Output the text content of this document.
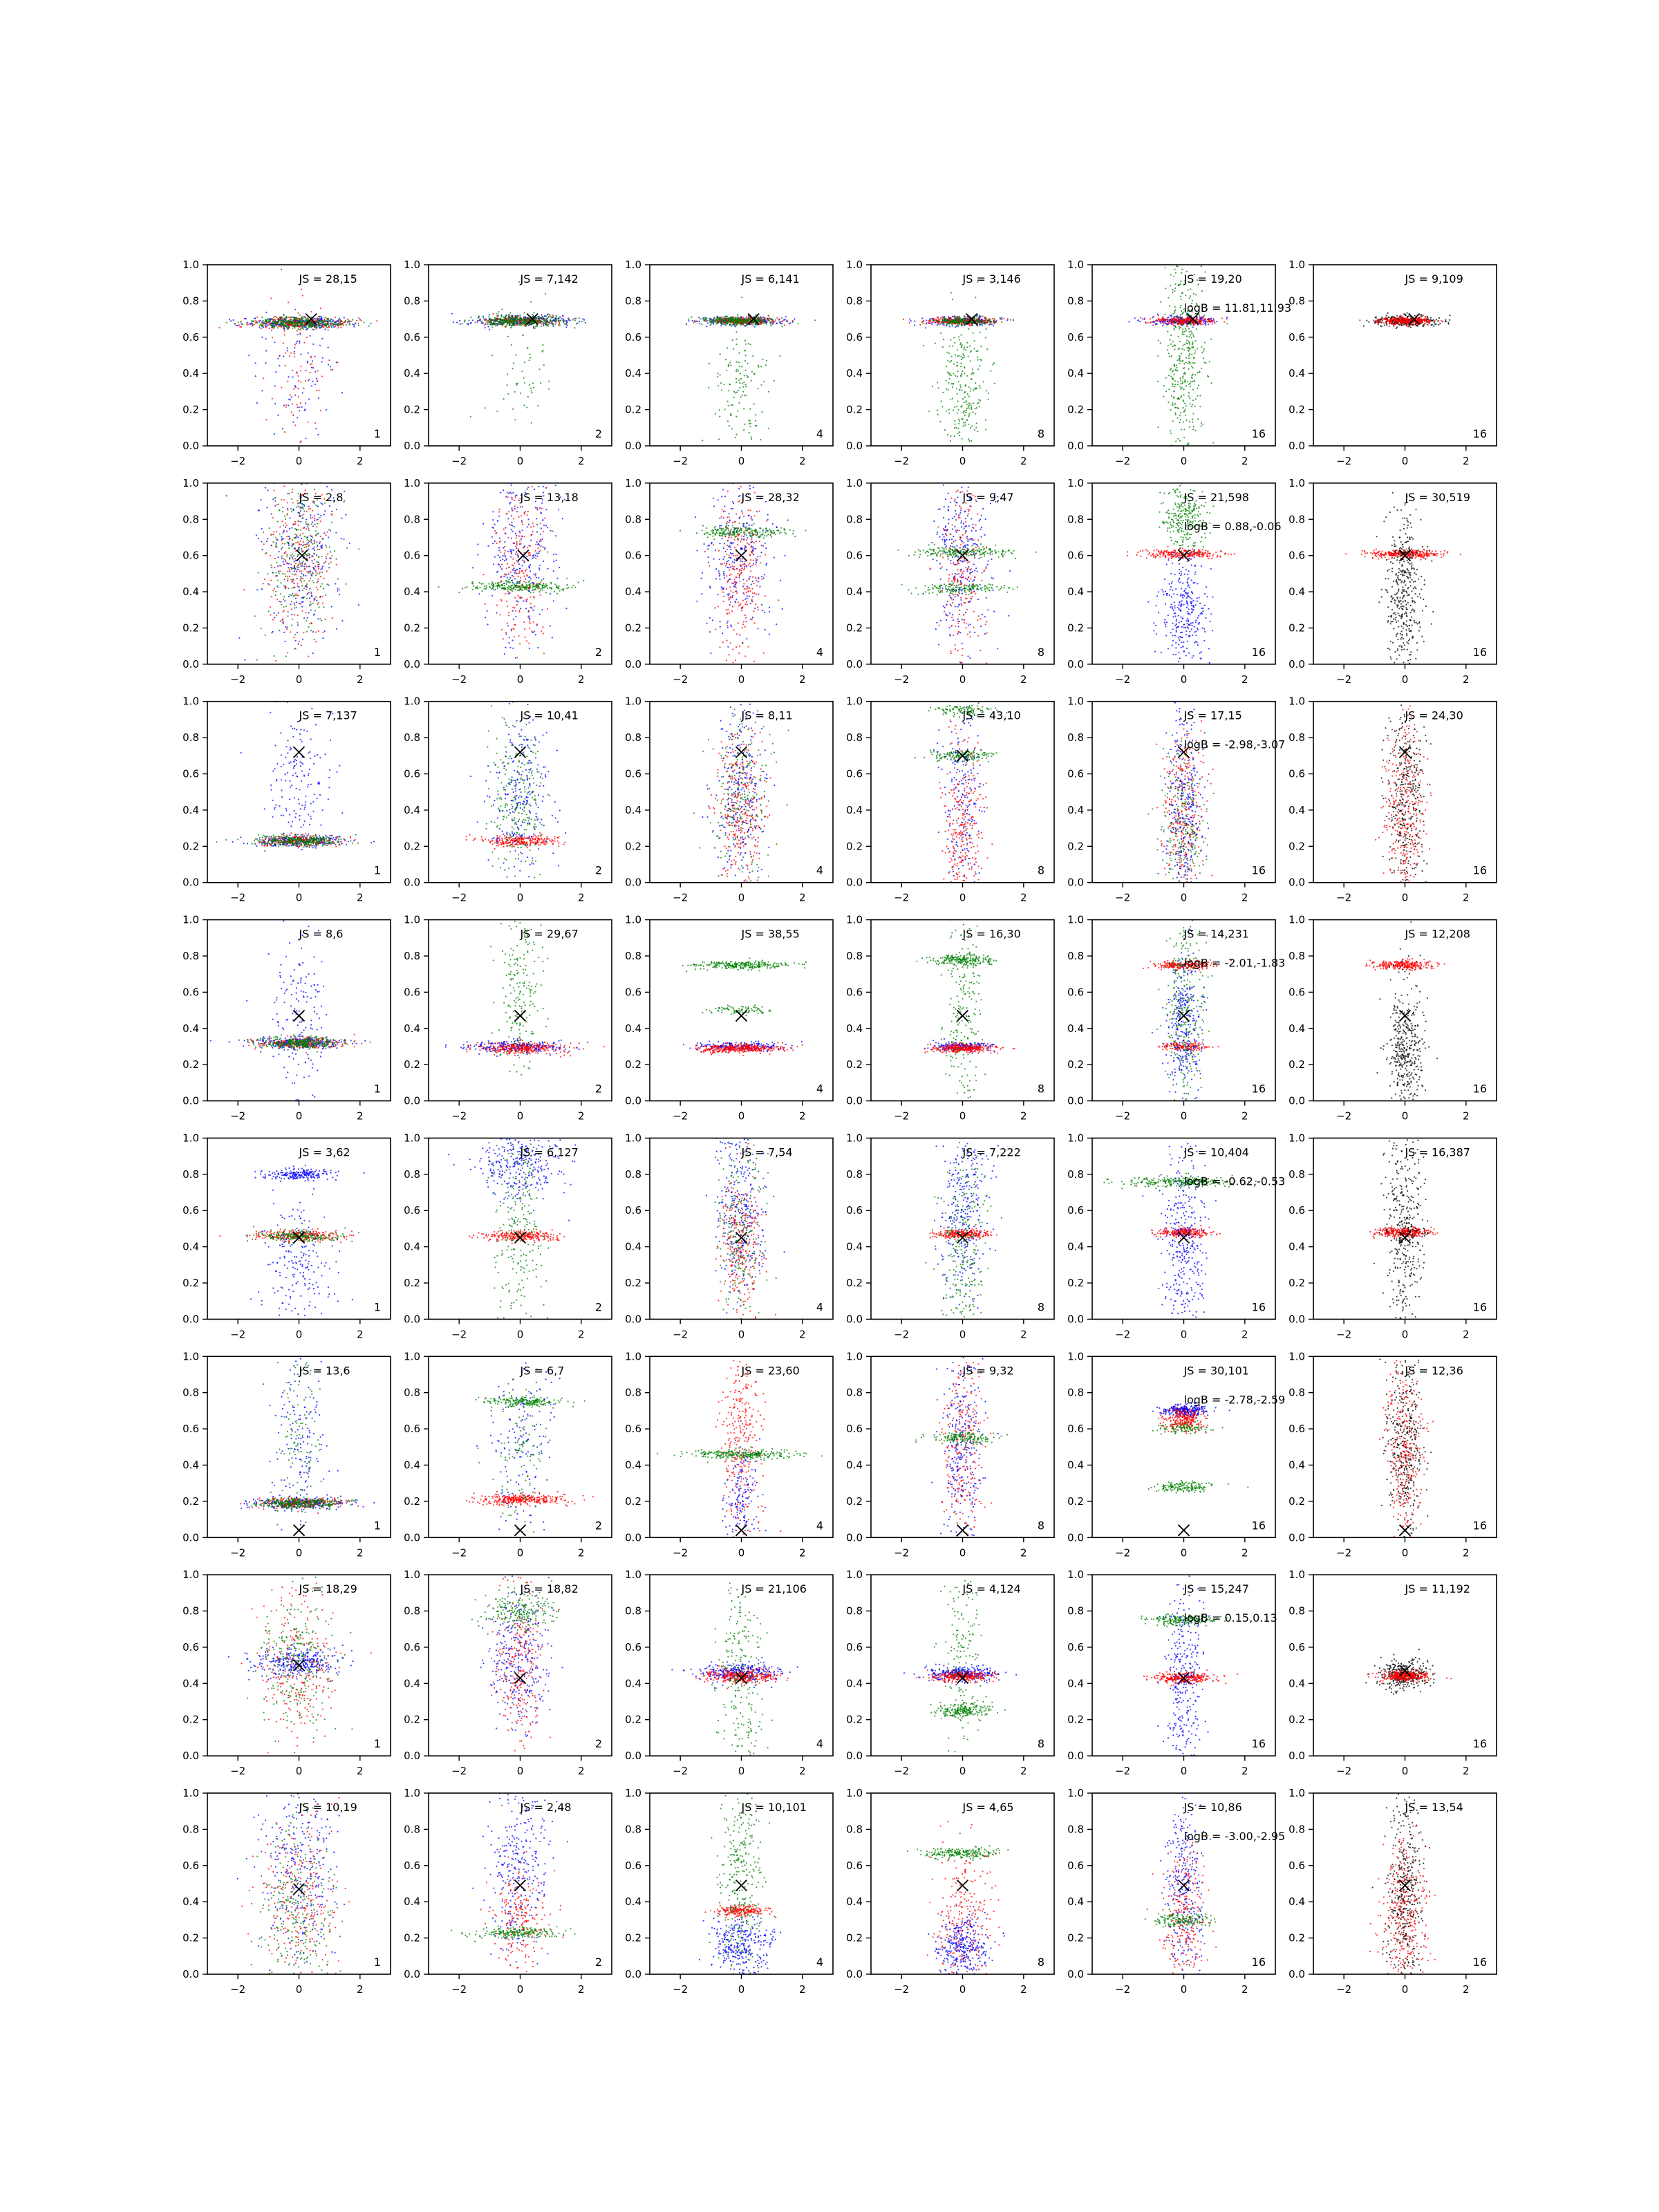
−2	0	2
0.0
0.2
0.4
0.6
0.8
1.0
JS = 28,15
1
−2	0	2
0.0
0.2
0.4
0.6
0.8
1.0
JS = 7,142
2
−2	0	2
0.0
0.2
0.4
0.6
0.8
1.0
JS = 6,141
4
−2	0	2
0.0
0.2
0.4
0.6
0.8
1.0
JS = 3,146
8
−2	0	2
0.0
0.2
0.4
0.6
0.8
1.0
JS = 19,20
logB = 11.81,11.93
16
−2	0	2
0.0
0.2
0.4
0.6
0.8
1.0
JS = 9,109
16
−2	0	2
0.0
0.2
0.4
0.6
0.8
1.0
JS = 2,8
1
−2	0	2
0.0
0.2
0.4
0.6
0.8
1.0
JS = 13,18
2
−2	0	2
0.0
0.2
0.4
0.6
0.8
1.0
JS = 28,32
4
−2	0	2
0.0
0.2
0.4
0.6
0.8
1.0
JS = 9,47
8
−2	0	2
0.0
0.2
0.4
0.6
0.8
1.0
JS = 21,598
logB = 0.88,-0.06
16
−2	0	2
0.0
0.2
0.4
0.6
0.8
1.0
JS = 30,519
16
−2	0	2
0.0
0.2
0.4
0.6
0.8
1.0
JS = 7,137
1
−2	0	2
0.0
0.2
0.4
0.6
0.8
1.0
JS = 10,41
2
−2	0	2
0.0
0.2
0.4
0.6
0.8
1.0
JS = 8,11
4
−2	0	2
0.0
0.2
0.4
0.6
0.8
1.0
JS = 43,10
8
−2	0	2
0.0
0.2
0.4
0.6
0.8
1.0
JS = 17,15
logB = -2.98,-3.07
16
−2	0	2
0.0
0.2
0.4
0.6
0.8
1.0
JS = 24,30
16
−2	0	2
0.0
0.2
0.4
0.6
0.8
1.0
JS = 8,6
1
−2	0	2
0.0
0.2
0.4
0.6
0.8
1.0
JS = 29,67
2
−2	0	2
0.0
0.2
0.4
0.6
0.8
1.0
JS = 38,55
4
−2	0	2
0.0
0.2
0.4
0.6
0.8
1.0
JS = 16,30
8
−2	0	2
0.0
0.2
0.4
0.6
0.8
1.0
JS = 14,231
logB = -2.01,-1.83
16
−2	0	2
0.0
0.2
0.4
0.6
0.8
1.0
JS = 12,208
16
−2	0	2
0.0
0.2
0.4
0.6
0.8
1.0
JS = 3,62
1
−2	0	2
0.0
0.2
0.4
0.6
0.8
1.0
JS = 6,127
2
−2	0	2
0.0
0.2
0.4
0.6
0.8
1.0
JS = 7,54
4
−2	0	2
0.0
0.2
0.4
0.6
0.8
1.0
JS = 7,222
8
−2	0	2
0.0
0.2
0.4
0.6
0.8
1.0
JS = 10,404
logB = -0.62,-0.53
16
−2	0	2
0.0
0.2
0.4
0.6
0.8
1.0
JS = 16,387
16
−2	0	2
0.0
0.2
0.4
0.6
0.8
1.0
JS = 13,6
1
−2	0	2
0.0
0.2
0.4
0.6
0.8
1.0
JS = 6,7
2
−2	0	2
0.0
0.2
0.4
0.6
0.8
1.0
JS = 23,60
4
−2	0	2
0.0
0.2
0.4
0.6
0.8
1.0
JS = 9,32
8
−2	0	2
0.0
0.2
0.4
0.6
0.8
1.0
JS = 30,101
logB = -2.78,-2.59
16
−2	0	2
0.0
0.2
0.4
0.6
0.8
1.0
JS = 12,36
16
−2	0	2
0.0
0.2
0.4
0.6
0.8
1.0
JS = 18,29
1
−2	0	2
0.0
0.2
0.4
0.6
0.8
1.0
JS = 18,82
2
−2	0	2
0.0
0.2
0.4
0.6
0.8
1.0
JS = 21,106
4
−2	0	2
0.0
0.2
0.4
0.6
0.8
1.0
JS = 4,124
8
−2	0	2
0.0
0.2
0.4
0.6
0.8
1.0
JS = 15,247
logB = 0.15,0.13
16
−2	0	2
0.0
0.2
0.4
0.6
0.8
1.0
JS = 11,192
16
−2	0	2
0.0
0.2
0.4
0.6
0.8
1.0
JS = 10,19
1
−2	0	2
0.0
0.2
0.4
0.6
0.8
1.0
JS = 2,48
2
−2	0	2
0.0
0.2
0.4
0.6
0.8
1.0
JS = 10,101
4
−2	0	2
0.0
0.2
0.4
0.6
0.8
1.0
JS = 4,65
8
−2	0	2
0.0
0.2
0.4
0.6
0.8
1.0
JS = 10,86
logB = -3.00,-2.95
16
−2	0	2
0.0
0.2
0.4
0.6
0.8
1.0
JS = 13,54
16
